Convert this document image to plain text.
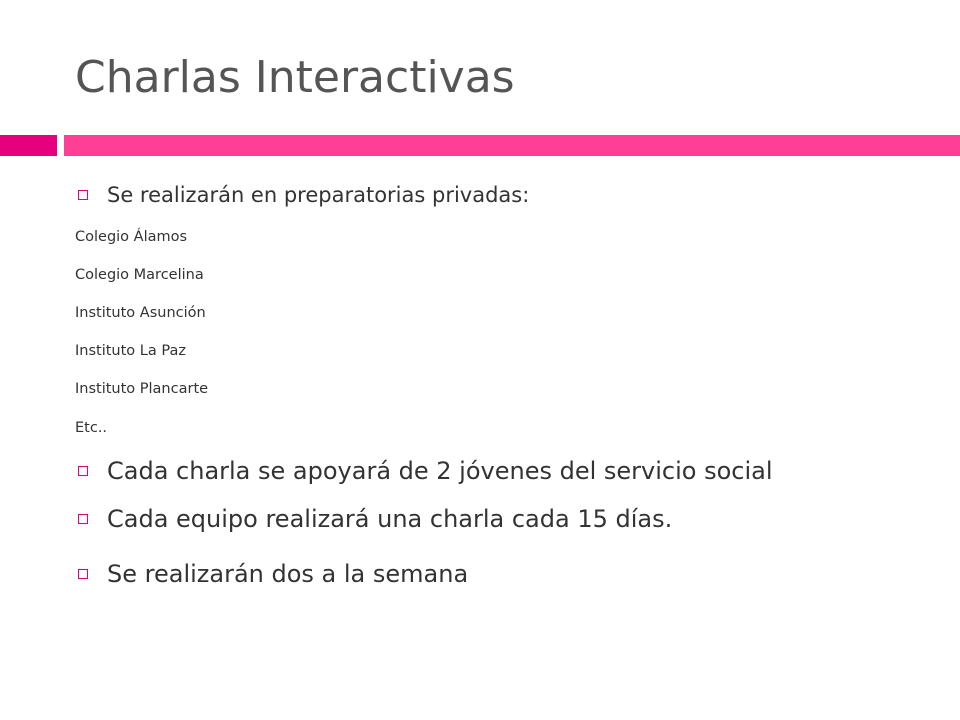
Charlas Interactivas
Se realizarán en preparatorias privadas:
Colegio Álamos
Colegio Marcelina
Instituto Asunción
Instituto La Paz
Instituto Plancarte
Etc..
Cada charla se apoyará de 2 jóvenes del servicio social
Cada equipo realizará una charla cada 15 días.
Se realizarán dos a la semana
